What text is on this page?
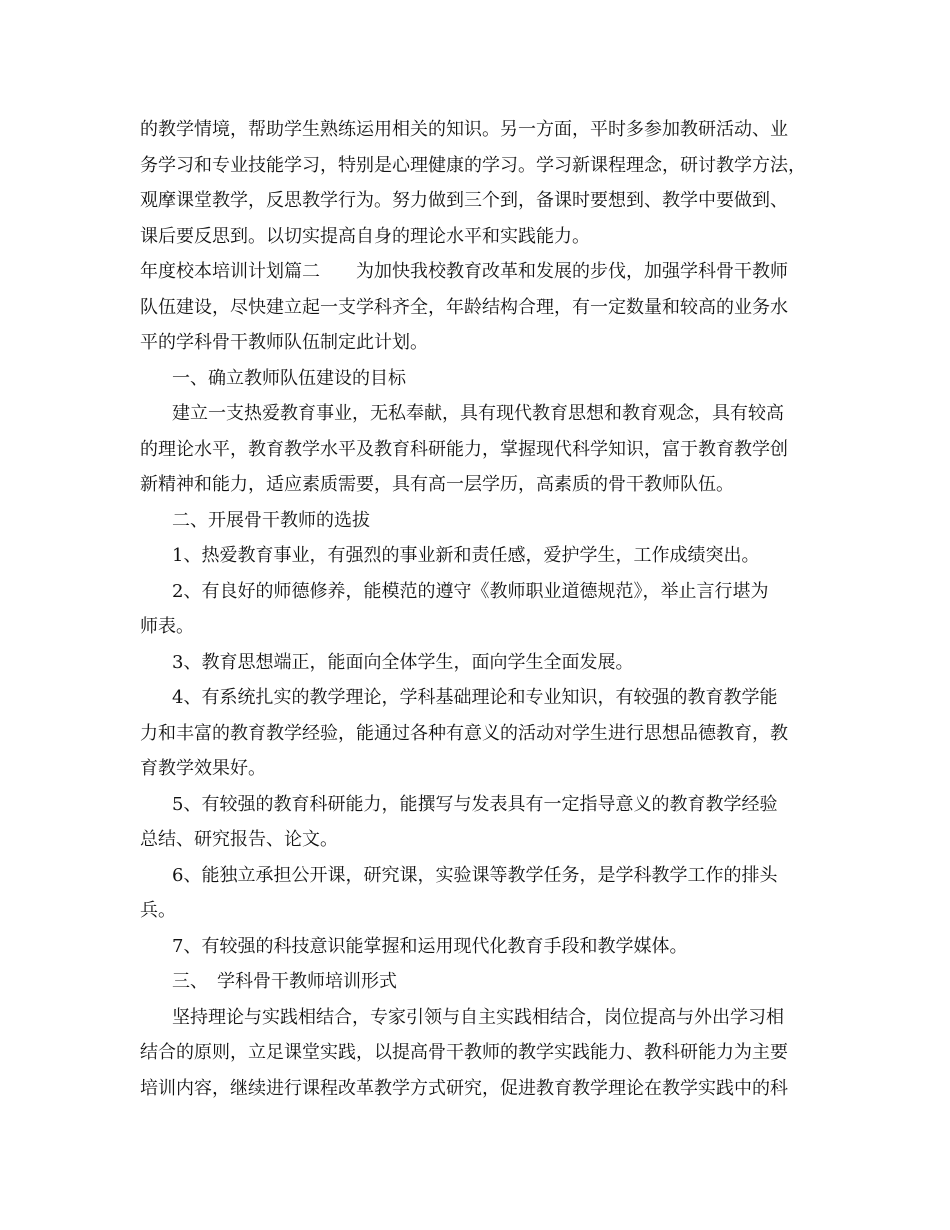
的教学情境，帮助学生熟练运用相关的知识。另一方面，平时多参加教研活动、业
务学习和专业技能学习，特别是心理健康的学习。学习新课程理念，研讨教学方法，
观摩课堂教学，反思教学行为。努力做到三个到，备课时要想到、教学中要做到、
课后要反思到。以切实提高自身的理论水平和实践能力。
年度校本培训计划篇二　　为加快我校教育改革和发展的步伐，加强学科骨干教师
队伍建设，尽快建立起一支学科齐全，年龄结构合理，有一定数量和较高的业务水
平的学科骨干教师队伍制定此计划。
一、确立教师队伍建设的目标
建立一支热爱教育事业，无私奉献，具有现代教育思想和教育观念，具有较高
的理论水平，教育教学水平及教育科研能力，掌握现代科学知识，富于教育教学创
新精神和能力，适应素质需要，具有高一层学历，高素质的骨干教师队伍。
二、开展骨干教师的选拔
1、热爱教育事业，有强烈的事业新和责任感，爱护学生，工作成绩突出。
2、有良好的师德修养，能模范的遵守《教师职业道德规范》，举止言行堪为
师表。
3、教育思想端正，能面向全体学生，面向学生全面发展。
4、有系统扎实的教学理论，学科基础理论和专业知识，有较强的教育教学能
力和丰富的教育教学经验，能通过各种有意义的活动对学生进行思想品德教育，教
育教学效果好。
5、有较强的教育科研能力，能撰写与发表具有一定指导意义的教育教学经验
总结、研究报告、论文。
6、能独立承担公开课，研究课，实验课等教学任务，是学科教学工作的排头
兵。
7、有较强的科技意识能掌握和运用现代化教育手段和教学媒体。
三、　学科骨干教师培训形式
坚持理论与实践相结合，专家引领与自主实践相结合，岗位提高与外出学习相
结合的原则，立足课堂实践，以提高骨干教师的教学实践能力、教科研能力为主要
培训内容，继续进行课程改革教学方式研究，促进教育教学理论在教学实践中的科
